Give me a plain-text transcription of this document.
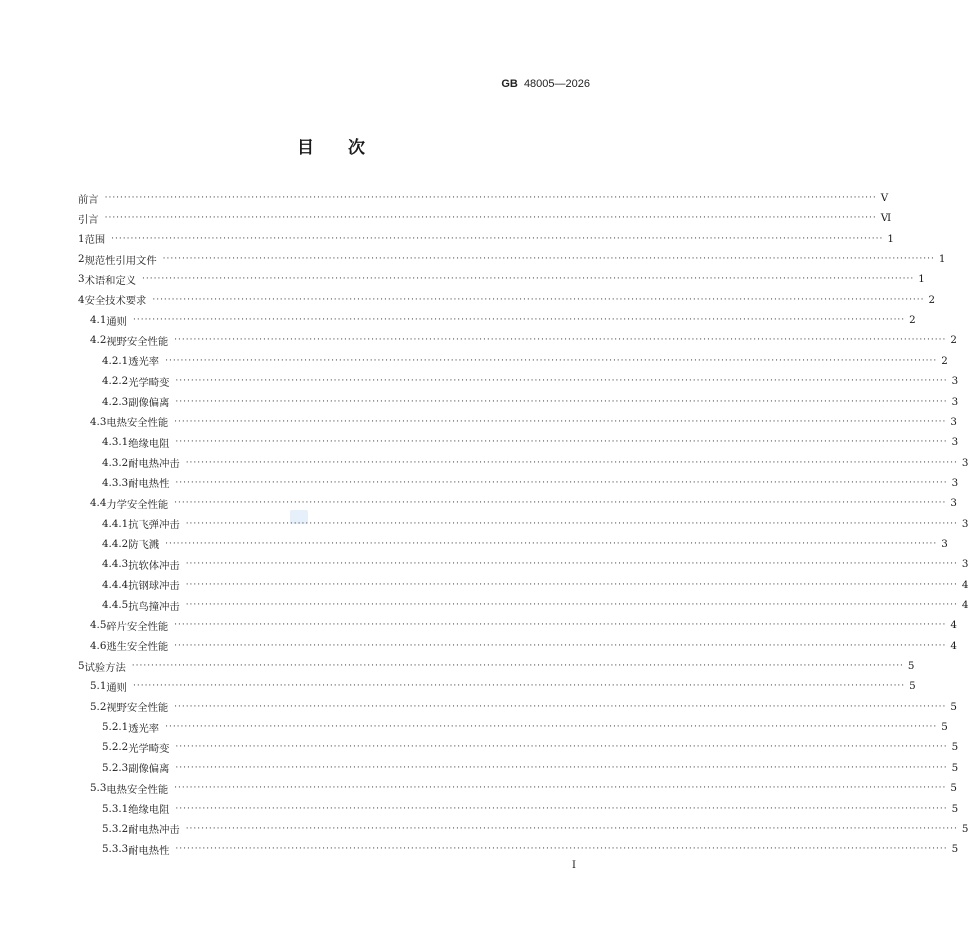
GB 48005—2026
目次
前言 ········································································································································································································ Ⅴ
引言 ········································································································································································································ Ⅵ
1 范围 ········································································································································································································ 1
2 规范性引用文件 ········································································································································································································ 1
3 术语和定义 ········································································································································································································ 1
4 安全技术要求 ········································································································································································································ 2
4.1 通则 ········································································································································································································ 2
4.2 视野安全性能 ········································································································································································································ 2
4.2.1 透光率 ········································································································································································································ 2
4.2.2 光学畸变 ········································································································································································································ 3
4.2.3 副像偏离 ········································································································································································································ 3
4.3 电热安全性能 ········································································································································································································ 3
4.3.1 绝缘电阻 ········································································································································································································ 3
4.3.2 耐电热冲击 ········································································································································································································ 3
4.3.3 耐电热性 ········································································································································································································ 3
4.4 力学安全性能 ········································································································································································································ 3
4.4.1 抗飞弹冲击 ········································································································································································································ 3
4.4.2 防飞溅 ········································································································································································································ 3
4.4.3 抗软体冲击 ········································································································································································································ 3
4.4.4 抗钢球冲击 ········································································································································································································ 4
4.4.5 抗鸟撞冲击 ········································································································································································································ 4
4.5 碎片安全性能 ········································································································································································································ 4
4.6 逃生安全性能 ········································································································································································································ 4
5 试验方法 ········································································································································································································ 5
5.1 通则 ········································································································································································································ 5
5.2 视野安全性能 ········································································································································································································ 5
5.2.1 透光率 ········································································································································································································ 5
5.2.2 光学畸变 ········································································································································································································ 5
5.2.3 副像偏离 ········································································································································································································ 5
5.3 电热安全性能 ········································································································································································································ 5
5.3.1 绝缘电阻 ········································································································································································································ 5
5.3.2 耐电热冲击 ········································································································································································································ 5
5.3.3 耐电热性 ········································································································································································································ 5
Ⅰ
